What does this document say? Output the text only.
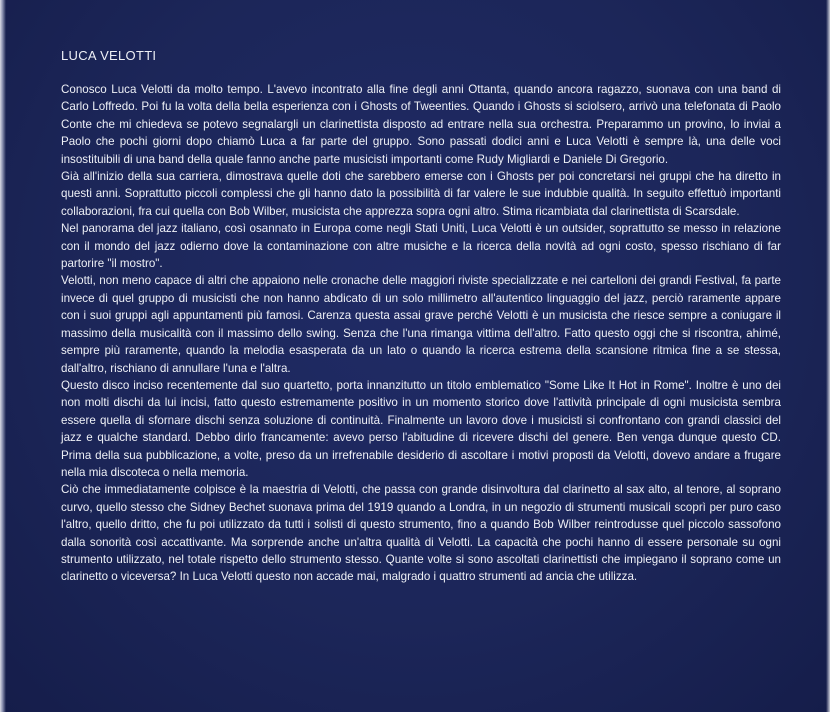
LUCA VELOTTI

Conosco Luca Velotti da molto tempo. L'avevo incontrato alla fine degli anni Ottanta, quando ancora ragazzo, suonava con una band di Carlo Loffredo. Poi fu la volta della bella esperienza con i Ghosts of Tweenties. Quando i Ghosts si sciolsero, arrivò una telefonata di Paolo Conte che mi chiedeva se potevo segnalargli un clarinettista disposto ad entrare nella sua orchestra. Preparammo un provino, lo inviai a Paolo che pochi giorni dopo chiamò Luca a far parte del gruppo. Sono passati dodici anni e Luca Velotti è sempre là, una delle voci insostituibili di una band della quale fanno anche parte musicisti importanti come Rudy Migliardi e Daniele Di Gregorio.

Già all'inizio della sua carriera, dimostrava quelle doti che sarebbero emerse con i Ghosts per poi concretarsi nei gruppi che ha diretto in questi anni. Soprattutto piccoli complessi che gli hanno dato la possibilità di far valere le sue indubbie qualità. In seguito effettuò importanti collaborazioni, fra cui quella con Bob Wilber, musicista che apprezza sopra ogni altro. Stima ricambiata dal clarinettista di Scarsdale.

Nel panorama del jazz italiano, così osannato in Europa come negli Stati Uniti, Luca Velotti è un outsider, soprattutto se messo in relazione con il mondo del jazz odierno dove la contaminazione con altre musiche e la ricerca della novità ad ogni costo, spesso rischiano di far partorire "il mostro".

Velotti, non meno capace di altri che appaiono nelle cronache delle maggiori riviste specializzate e nei cartelloni dei grandi Festival, fa parte invece di quel gruppo di musicisti che non hanno abdicato di un solo millimetro all'autentico linguaggio del jazz, perciò raramente appare con i suoi gruppi agli appuntamenti più famosi. Carenza questa assai grave perché Velotti è un musicista che riesce sempre a coniugare il massimo della musicalità con il massimo dello swing. Senza che l'una rimanga vittima dell'altro. Fatto questo oggi che si riscontra, ahimé, sempre più raramente, quando la melodia esasperata da un lato o quando la ricerca estrema della scansione ritmica fine a se stessa, dall'altro, rischiano di annullare l'una e l'altra.

Questo disco inciso recentemente dal suo quartetto, porta innanzitutto un titolo emblematico "Some Like It Hot in Rome". Inoltre è uno dei non molti dischi da lui incisi, fatto questo estremamente positivo in un momento storico dove l'attività principale di ogni musicista sembra essere quella di sfornare dischi senza soluzione di continuità. Finalmente un lavoro dove i musicisti si confrontano con grandi classici del jazz e qualche standard. Debbo dirlo francamente: avevo perso l'abitudine di ricevere dischi del genere. Ben venga dunque questo CD. Prima della sua pubblicazione, a volte, preso da un irrefrenabile desiderio di ascoltare i motivi proposti da Velotti, dovevo andare a frugare nella mia discoteca o nella memoria.

Ciò che immediatamente colpisce è la maestria di Velotti, che passa con grande disinvoltura dal clarinetto al sax alto, al tenore, al soprano curvo, quello stesso che Sidney Bechet suonava prima del 1919 quando a Londra, in un negozio di strumenti musicali scoprì per puro caso l'altro, quello dritto, che fu poi utilizzato da tutti i solisti di questo strumento, fino a quando Bob Wilber reintrodusse quel piccolo sassofono dalla sonorità così accattivante. Ma sorprende anche un'altra qualità di Velotti. La capacità che pochi hanno di essere personale su ogni strumento utilizzato, nel totale rispetto dello strumento stesso. Quante volte si sono ascoltati clarinettisti che impiegano il soprano come un clarinetto o viceversa? In Luca Velotti questo non accade mai, malgrado i quattro strumenti ad ancia che utilizza.
